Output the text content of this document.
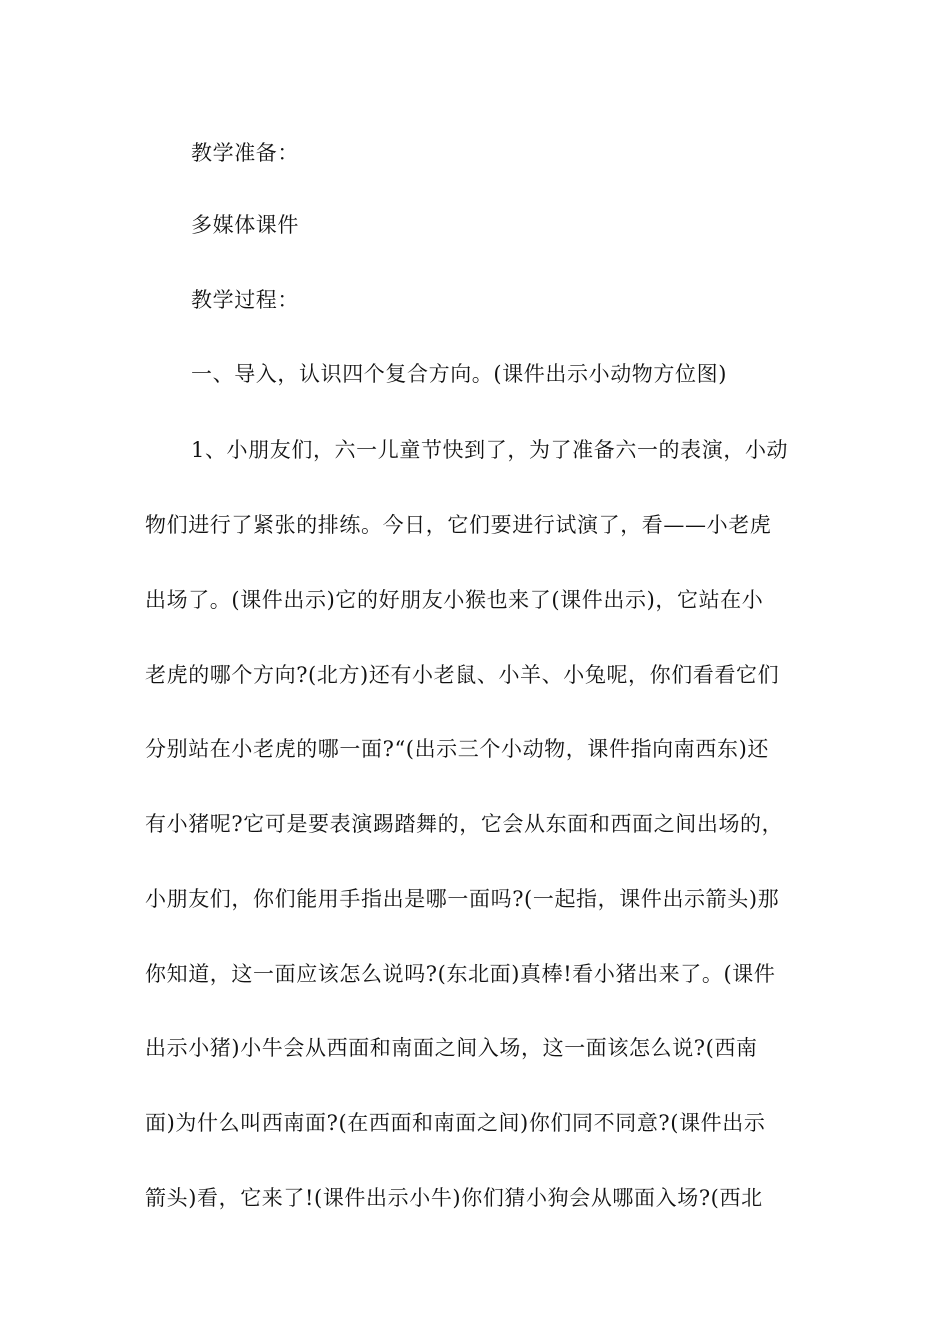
教学准备：
多媒体课件
教学过程：
一、导入，认识四个复合方向。(课件出示小动物方位图)
1、小朋友们，六一儿童节快到了，为了准备六一的表演，小动
物们进行了紧张的排练。今日，它们要进行试演了，看——小老虎
出场了。(课件出示)它的好朋友小猴也来了(课件出示)，它站在小
老虎的哪个方向?(北方)还有小老鼠、小羊、小兔呢，你们看看它们
分别站在小老虎的哪一面?“(出示三个小动物，课件指向南西东)还
有小猪呢?它可是要表演踢踏舞的，它会从东面和西面之间出场的，
小朋友们，你们能用手指出是哪一面吗?(一起指，课件出示箭头)那
你知道，这一面应该怎么说吗?(东北面)真棒!看小猪出来了。(课件
出示小猪)小牛会从西面和南面之间入场，这一面该怎么说?(西南
面)为什么叫西南面?(在西面和南面之间)你们同不同意?(课件出示
箭头)看，它来了!(课件出示小牛)你们猜小狗会从哪面入场?(西北
